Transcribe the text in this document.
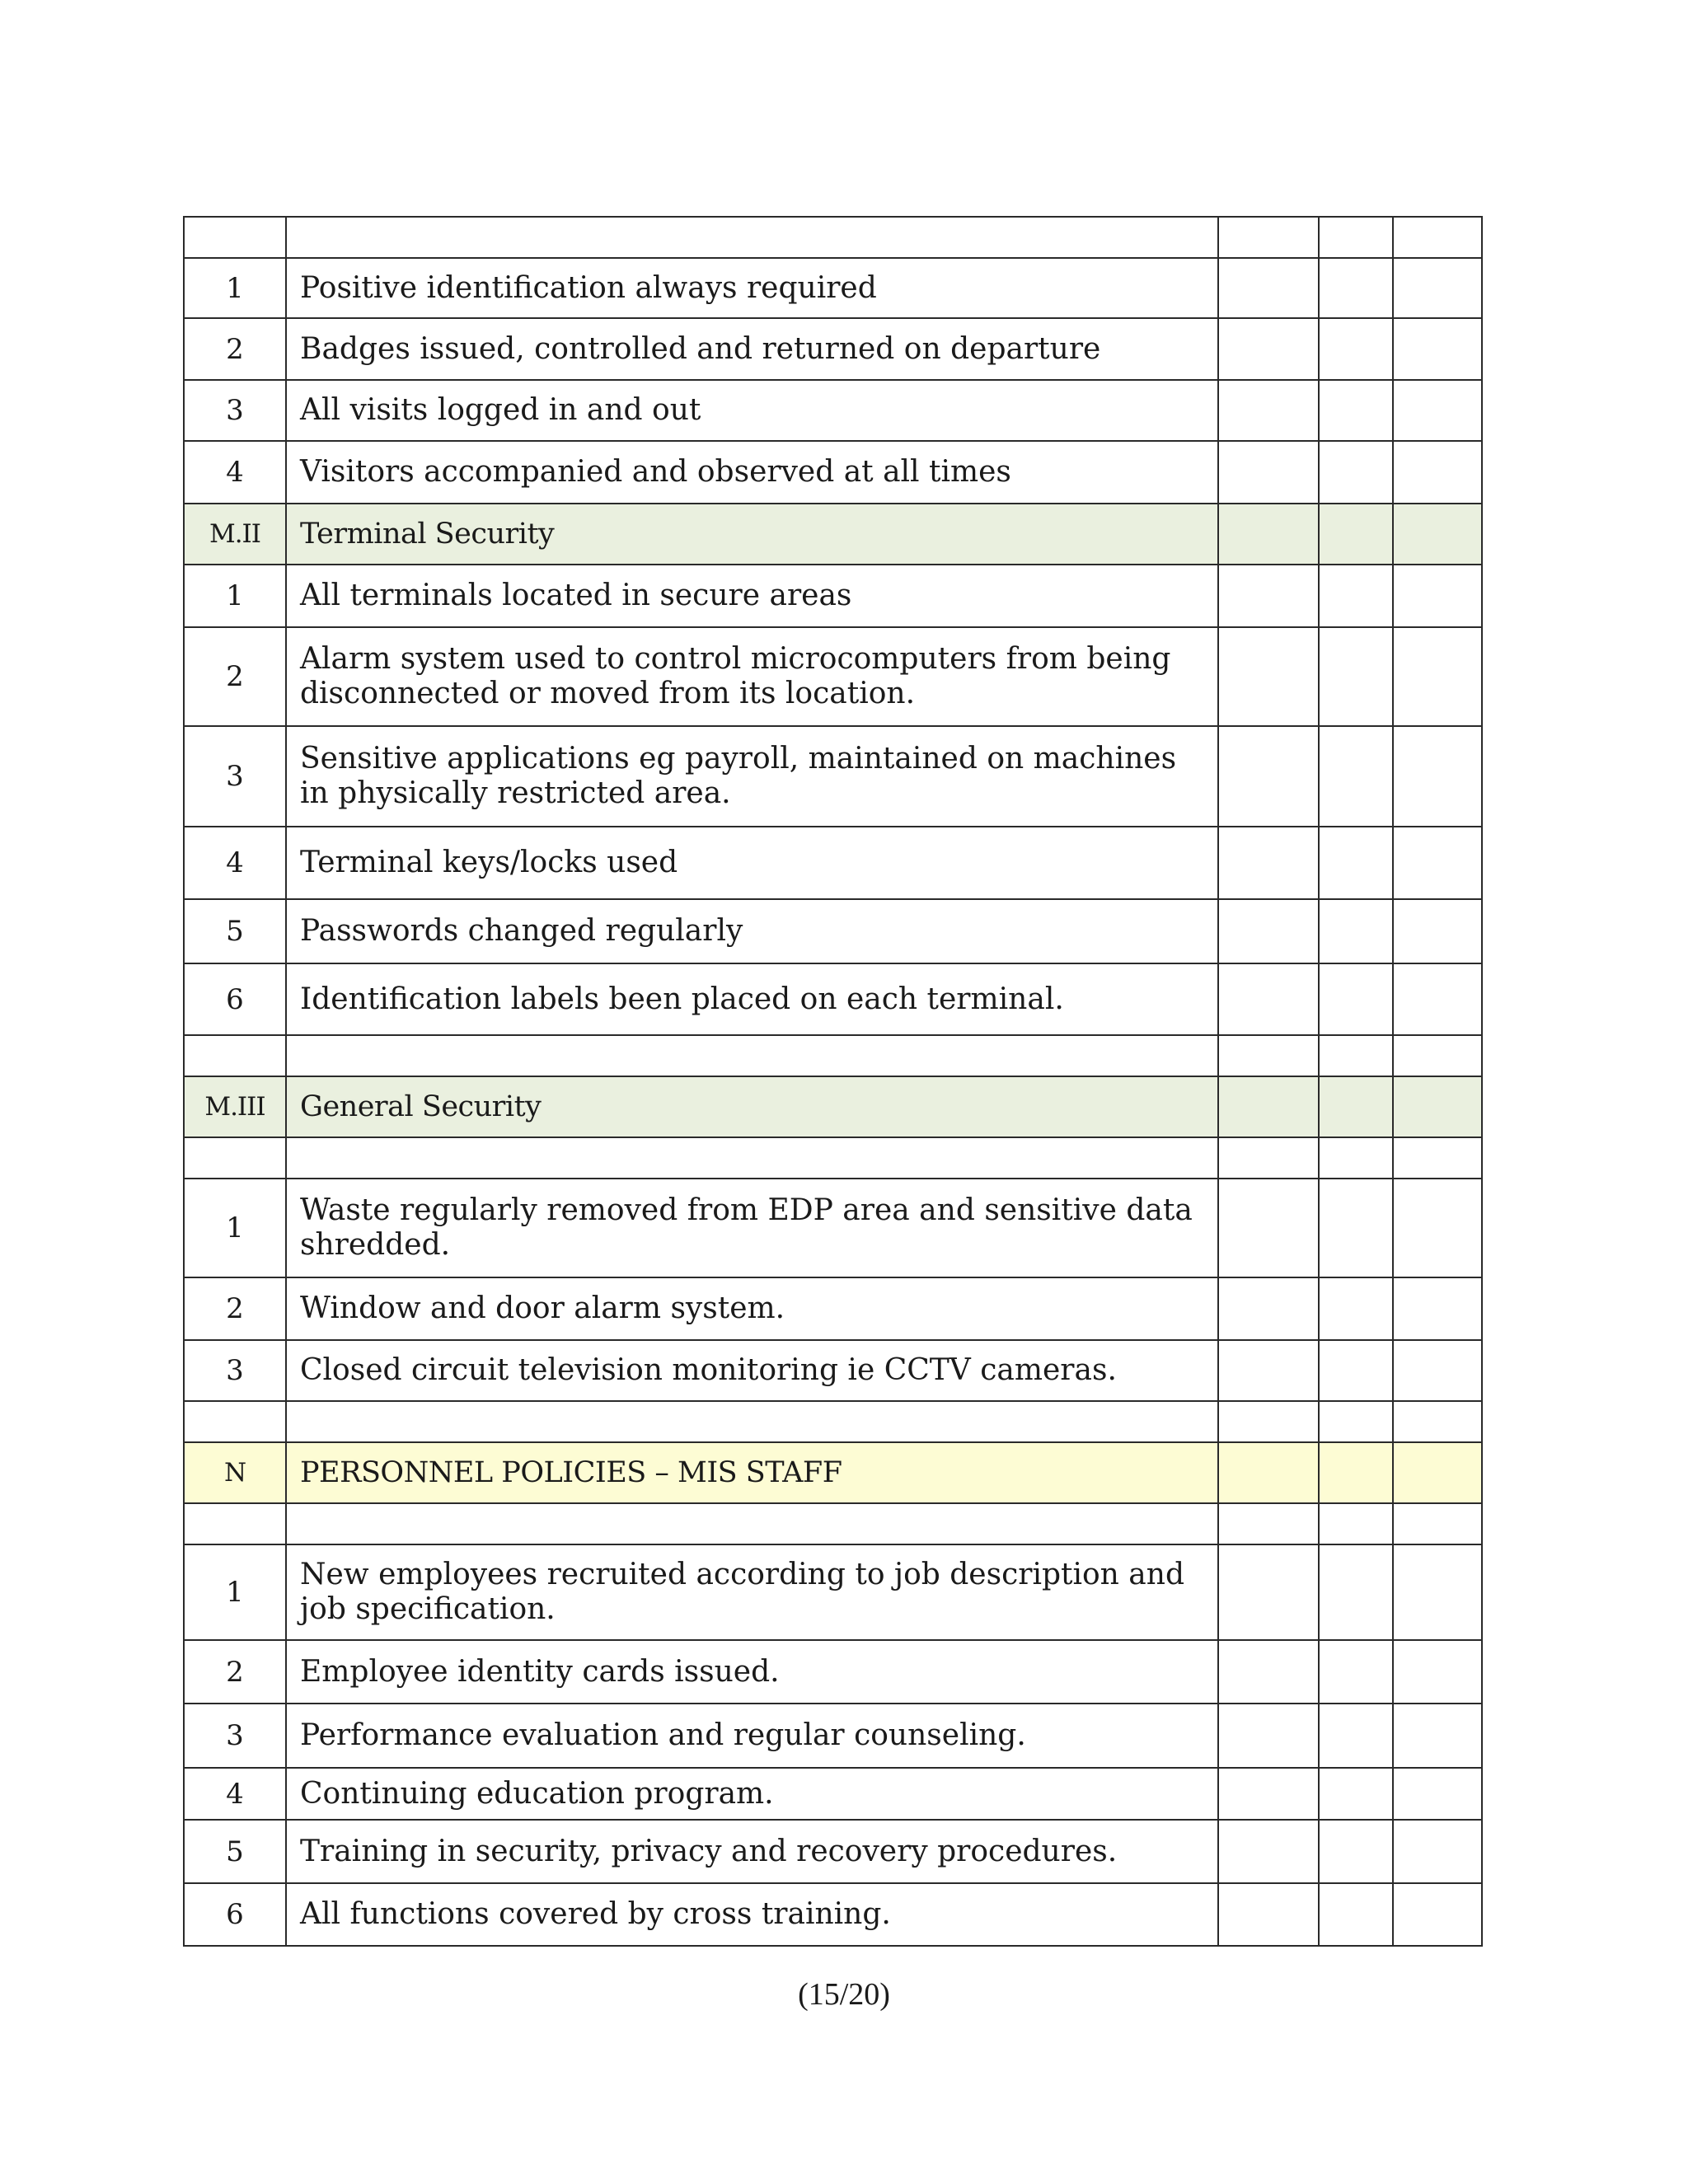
1	Positive identification always required			
2	Badges issued, controlled and returned on departure			
3	All visits logged in and out			
4	Visitors accompanied and observed at all times			
M.II	Terminal Security			
1	All terminals located in secure areas			
2	Alarm system used to control microcomputers from being disconnected or moved from its location.			
3	Sensitive applications eg payroll, maintained on machines in physically restricted area.			
4	Terminal keys/locks used			
5	Passwords changed regularly			
6	Identification labels been placed on each terminal.			

M.III	General Security			

1	Waste regularly removed from EDP area and sensitive data shredded.			
2	Window and door alarm system.			
3	Closed circuit television monitoring ie CCTV cameras.			

N	PERSONNEL POLICIES – MIS STAFF			

1	New employees recruited according to job description and job specification.			
2	Employee identity cards issued.			
3	Performance evaluation and regular counseling.			
4	Continuing education program.			
5	Training in security, privacy and recovery procedures.			
6	All functions covered by cross training.			
(15/20)
